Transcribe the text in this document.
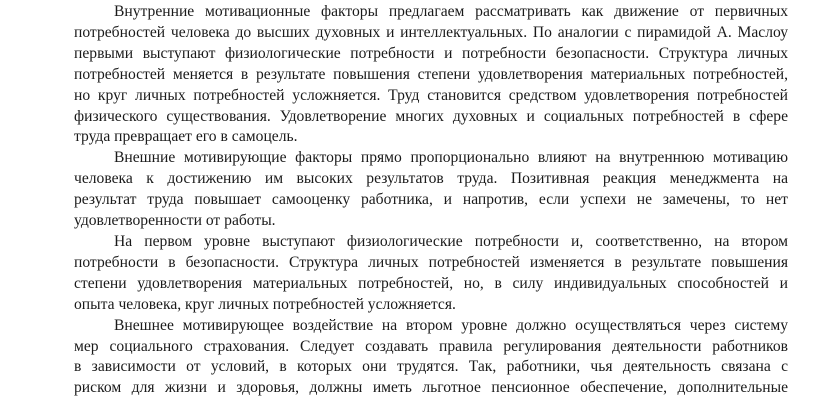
Внутренние мотивационные факторы предлагаем рассматривать как движение от первичных
потребностей человека до высших духовных и интеллектуальных. По аналогии с пирамидой А. Маслоу
первыми выступают физиологические потребности и потребности безопасности. Структура личных
потребностей меняется в результате повышения степени удовлетворения материальных потребностей,
но круг личных потребностей усложняется. Труд становится средством удовлетворения потребностей
физического существования. Удовлетворение многих духовных и социальных потребностей в сфере
труда превращает его в самоцель.
Внешние мотивирующие факторы прямо пропорционально влияют на внутреннюю мотивацию
человека к достижению им высоких результатов труда. Позитивная реакция менеджмента на
результат труда повышает самооценку работника, и напротив, если успехи не замечены, то нет
удовлетворенности от работы.
На первом уровне выступают физиологические потребности и, соответственно, на втором
потребности в безопасности. Структура личных потребностей изменяется в результате повышения
степени удовлетворения материальных потребностей, но, в силу индивидуальных способностей и
опыта человека, круг личных потребностей усложняется.
Внешнее мотивирующее воздействие на втором уровне должно осуществляться через систему
мер социального страхования. Следует создавать правила регулирования деятельности работников
в зависимости от условий, в которых они трудятся. Так, работники, чья деятельность связана с
риском для жизни и здоровья, должны иметь льготное пенсионное обеспечение, дополнительные
